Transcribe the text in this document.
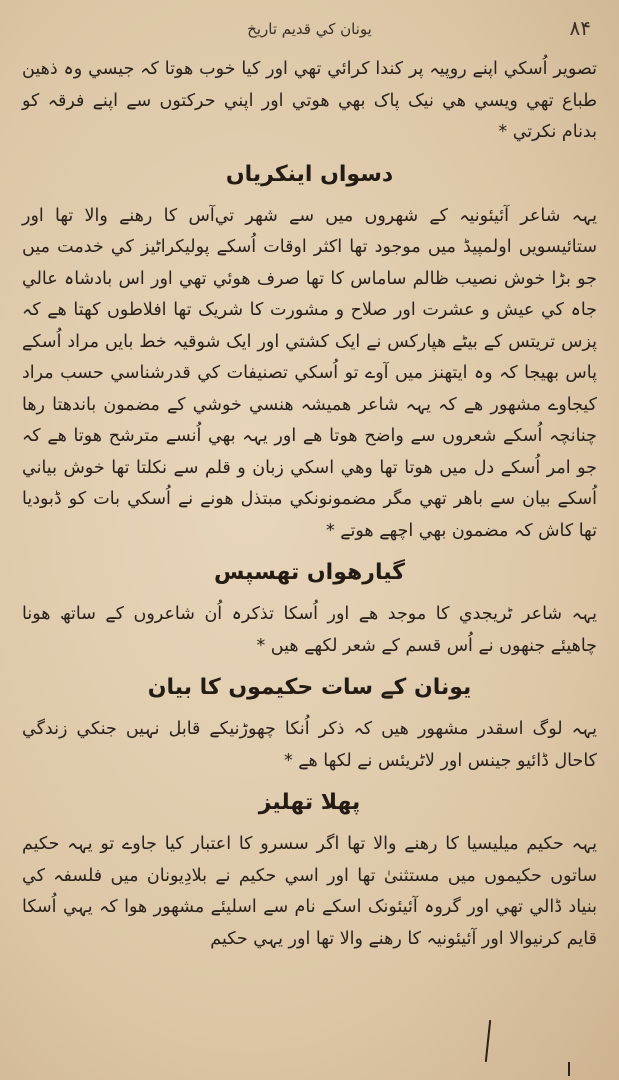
يونان كي قديم تاريخ	۸۴
تصوير اُسكي اپنے روپيہ پر كندا كرائي تھي اور كيا خوب ھوتا كہ جيسي وہ ذھين طباع تھي ويسي ھي نيک پاک بھي ھوتي اور اپني حركتوں سے اپنے فرقہ كو بدنام نكرتي *
دسواں اينكرياں
يہہ شاعر آئيئونيہ كے شھروں ميں سے شھر تي‌آس كا رھنے والا تھا اور ستائيسويں اولمپيڈ ميں موجود تھا اكثر اوقات اُسكے پوليكراٹيز كي خدمت ميں جو بڑا خوش نصيب ظالم ساماس كا تھا صرف ھوئي تھي اور اس بادشاہ عالي جاہ كي عيش و عشرت اور صلاح و مشورت كا شريک تھا افلاطوں كھتا ھے كہ پزس تريتس كے بيٹے ھپاركس نے ايک كشتي اور ايک شوقيہ خط بايں مراد اُسكے پاس بھيجا كہ وہ ايتھنز ميں آوے تو اُسكي تصنيفات كي قدرشناسي حسب مراد كيجاوے مشھور ھے كہ يہہ شاعر ھميشہ ھنسي خوشي كے مضمون باندھتا رھا چنانچہ اُسكے شعروں سے واضح ھوتا ھے اور يہہ بھي اُنسے مترشح ھوتا ھے كہ جو امر اُسكے دل ميں ھوتا تھا وھي اسكي زبان و قلم سے نكلتا تھا خوش بياني اُسكے بيان سے باھر تھي مگر مضمونونكي مبتذل ھونے نے اُسكي بات كو ڈبوديا تھا كاش كہ مضمون بھي اچھے ھوتے *
گيارھواں تھسپس
يہہ شاعر ٹريجدي كا موجد ھے اور اُسكا تذكرہ اُن شاعروں كے ساتھ ھونا چاھيئے جنھوں نے اُس قسم كے شعر لكھے ھيں *
يونان كے سات حكيموں كا بيان
يہہ لوگ اسقدر مشھور ھيں كہ ذكر اُنكا چھوڑنيكے قابل نہيں جنكي زندگي كاحال ڈائيو جينس اور لاٹريئس نے لكھا ھے *
پھلا تھليز
يہہ حكيم ميليسيا كا رھنے والا تھا اگر سسرو كا اعتبار كيا جاوے تو يہہ حكيم ساتوں حكيموں ميں مستثنیٰ تھا اور اسي حكيم نے بلادِيونان ميں فلسفہ كي بنياد ڈالي تھي اور گروہ آئيئونک اسكے نام سے اسليئے مشھور ھوا كہ يہي اُسكا قايم كرنيوالا اور آئيئونيہ كا رھنے والا تھا اور يہي حكيم
